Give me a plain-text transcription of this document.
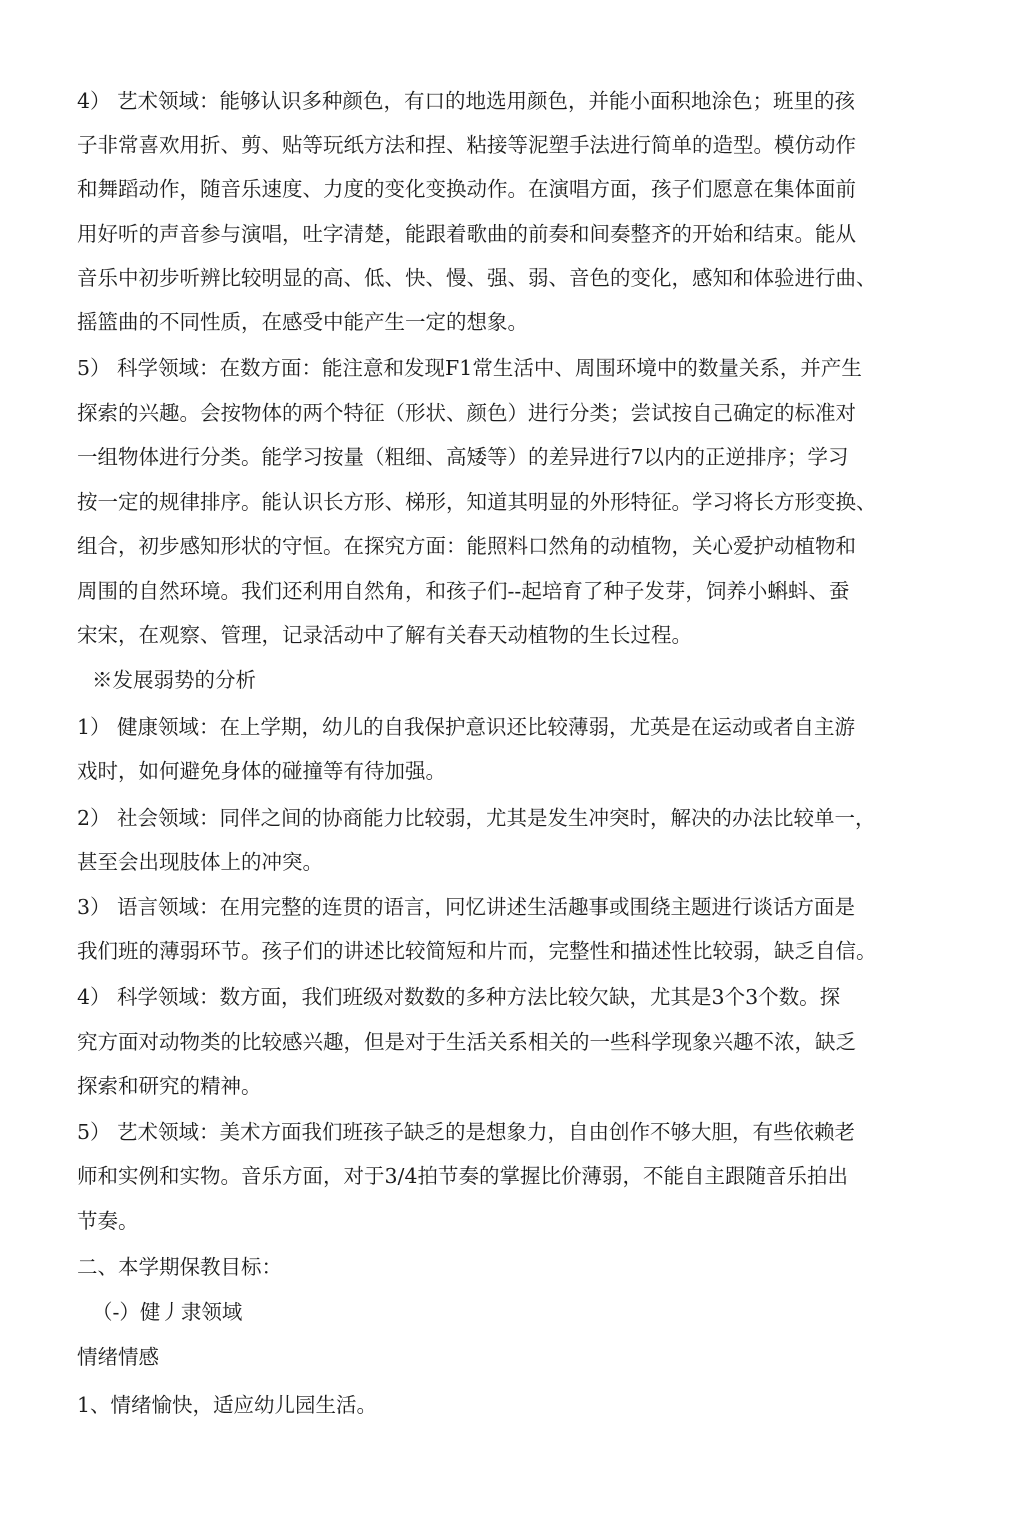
4） 艺术领域：能够认识多种颜色，有口的地选用颜色，并能小面积地涂色；班里的孩
子非常喜欢用折、剪、贴等玩纸方法和捏、粘接等泥塑手法进行简单的造型。模仿动作
和舞蹈动作，随音乐速度、力度的变化变换动作。在演唱方面，孩子们愿意在集体面前
用好听的声音参与演唱，吐字清楚，能跟着歌曲的前奏和间奏整齐的开始和结束。能从
音乐中初步听辨比较明显的高、低、快、慢、强、弱、音色的变化，感知和体验进行曲、
摇篮曲的不同性质，在感受中能产生一定的想象。
5） 科学领域：在数方面：能注意和发现F1常生活中、周围环境中的数量关系，并产生
探索的兴趣。会按物体的两个特征（形状、颜色）进行分类；尝试按自己确定的标准对
一组物体进行分类。能学习按量（粗细、高矮等）的差异进行7以内的正逆排序；学习
按一定的规律排序。能认识长方形、梯形，知道其明显的外形特征。学习将长方形变换、
组合，初步感知形状的守恒。在探究方面：能照料口然角的动植物，关心爱护动植物和
周围的自然环境。我们还利用自然角，和孩子们--起培育了种子发芽，饲养小蝌蚪、蚕
宋宋，在观察、管理，记录活动中了解有关春天动植物的生长过程。
※发展弱势的分析
1） 健康领域：在上学期，幼儿的自我保护意识还比较薄弱，尤英是在运动或者自主游
戏时，如何避免身体的碰撞等有待加强。
2） 社会领域：同伴之间的协商能力比较弱，尤其是发生冲突时，解决的办法比较单一，
甚至会出现肢体上的冲突。
3） 语言领域：在用完整的连贯的语言，冋忆讲述生活趣事或围绕主题进行谈话方面是
我们班的薄弱环节。孩子们的讲述比较简短和片而，完整性和描述性比较弱，缺乏自信。
4） 科学领域：数方面，我们班级对数数的多种方法比较欠缺，尤其是3个3个数。探
究方面对动物类的比较感兴趣，但是对于生活关系相关的一些科学现象兴趣不浓，缺乏
探索和研究的精神。
5） 艺术领域：美术方面我们班孩子缺乏的是想象力，自由创作不够大胆，有些依赖老
师和实例和实物。音乐方面，对于3/4拍节奏的掌握比价薄弱，不能自主跟随音乐拍出
节奏。
二、本学期保教目标：
（-）健丿隶领域
情绪情感
1、情绪愉快，适应幼儿园生活。
